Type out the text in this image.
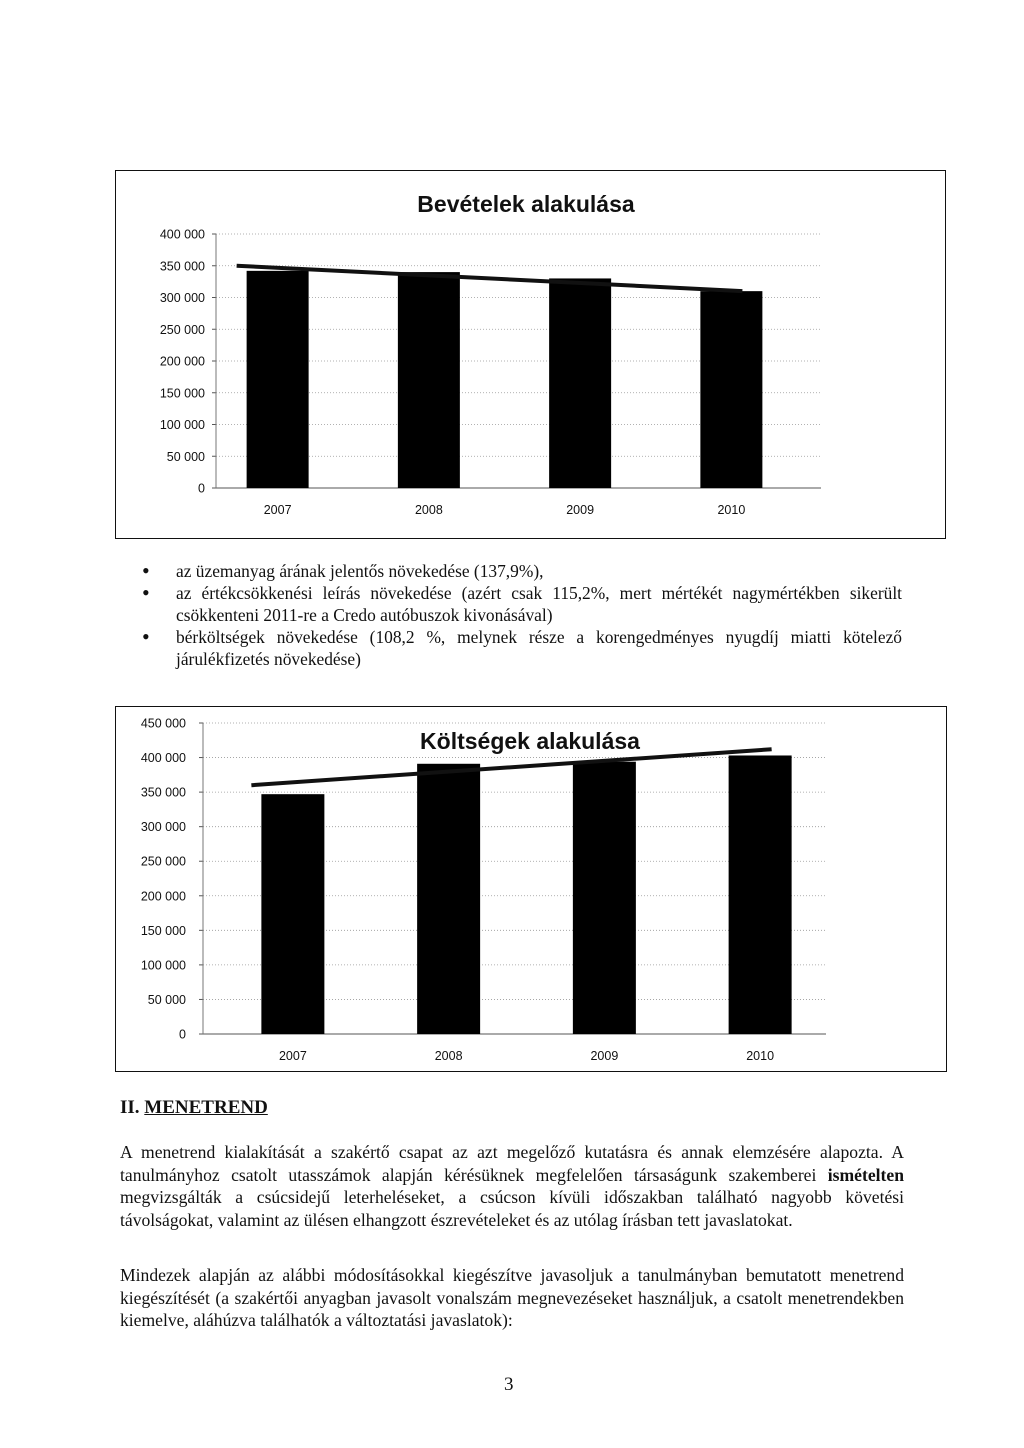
400 000
350 000
300 000
250 000
200 000
150 000
100 000
50 000
0
2007	2008	2009	2010
Bevételek alakulása
• az üzemanyag árának jelentős növekedése (137,9%),
• az értékcsökkenési leírás növekedése (azért csak 115,2%, mert mértékét nagymértékben sikerült csökkenteni 2011-re a Credo autóbuszok kivonásával)
• bérköltségek növekedése (108,2 %, melynek része a korengedményes nyugdíj miatti kötelező járulékfizetés növekedése)
450 000
400 000
350 000
300 000
250 000
200 000
150 000
100 000
50 000
0
2007	2008	2009	2010
Költségek alakulása
II. MENETREND

A menetrend kialakítását a szakértő csapat az azt megelőző kutatásra és annak elemzésére alapozta. A tanulmányhoz csatolt utasszámok alapján kérésüknek megfelelően társaságunk szakemberei ismételten megvizsgálták a csúcsidejű leterheléseket, a csúcson kívüli időszakban található nagyobb követési távolságokat, valamint az ülésen elhangzott észrevételeket és az utólag írásban tett javaslatokat.

Mindezek alapján az alábbi módosításokkal kiegészítve javasoljuk a tanulmányban bemutatott menetrend kiegészítését (a szakértői anyagban javasolt vonalszám megnevezéseket használjuk, a csatolt menetrendekben kiemelve, aláhúzva találhatók a változtatási javaslatok):

3
